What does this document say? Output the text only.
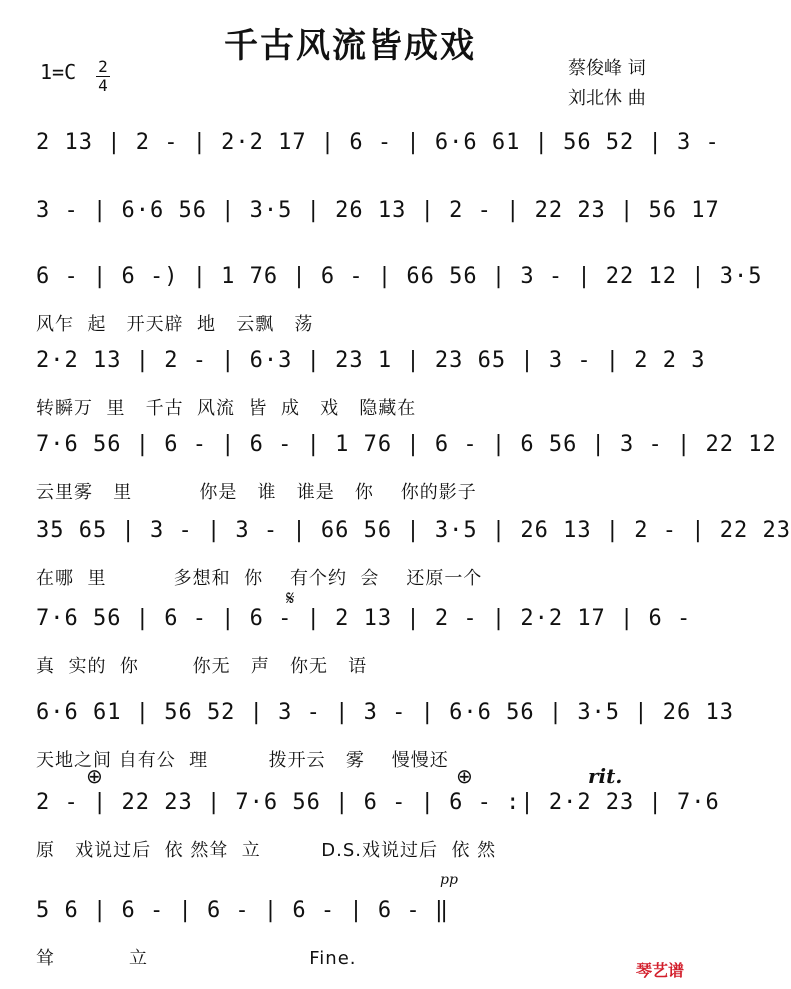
千古风流皆成戏
1=C 2
4
蔡俊峰 词
刘北休 曲
2 13 | 2 - | 2·2 17 | 6 - | 6·6 61 | 56 52 | 3 -
3 - | 6·6 56 | 3·5 | 26 13 | 2 - | 22 23 | 56 17
6 - | 6 -) | 1 76 | 6 - | 66 56 | 3 - | 22 12 | 3·5
风乍  起   开天辟  地   云飘   荡
2·2 13 | 2 - | 6·3 | 23 1 | 23 65 | 3 - | 2 2 3
转瞬万  里   千古  风流  皆  成   戏   隐藏在
7·6 56 | 6 - | 6 - | 1 76 | 6 - | 6 56 | 3 - | 22 12
云里雾   里          你是   谁   谁是   你    你的影子
35 65 | 3 - | 3 - | 66 56 | 3·5 | 26 13 | 2 - | 22 23
在哪  里          多想和  你    有个约  会    还原一个
𝄋
7·6 56 | 6 - | 6 - | 2 13 | 2 - | 2·2 17 | 6 -
真  实的  你        你无   声   你无   语
6·6 61 | 56 52 | 3 - | 3 - | 6·6 56 | 3·5 | 26 13
天地之间 自有公  理         拨开云   雾    慢慢还
⊕	⊕	rit.
2 - | 22 23 | 7·6 56 | 6 - | 6 - :| 2·2 23 | 7·6
原   戏说过后  依 然耸  立         D.S.戏说过后  依 然
pp
5 6 | 6 - | 6 - | 6 - | 6 - ‖
耸           立                        Fine.
琴艺谱
